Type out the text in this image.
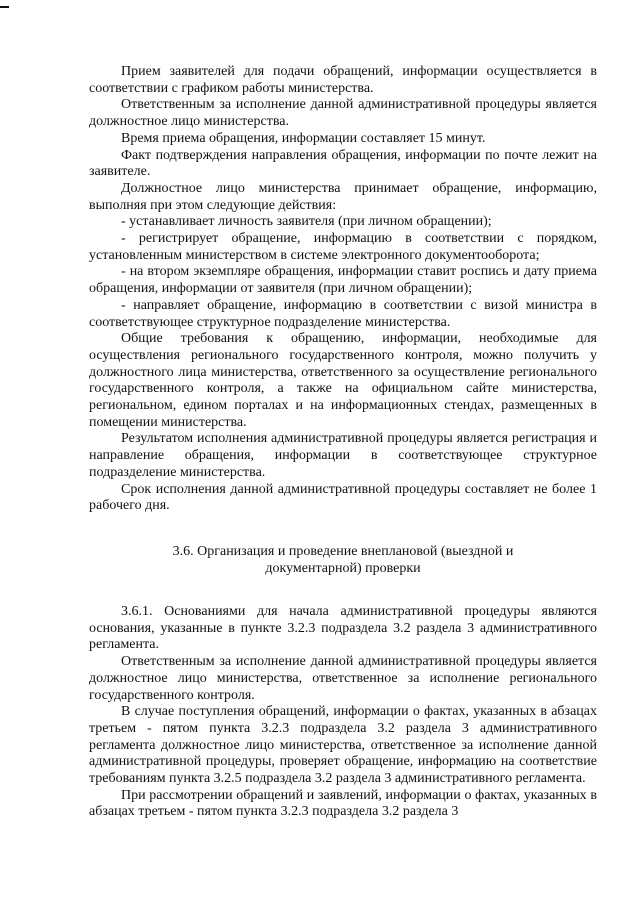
Прием заявителей для подачи обращений, информации осуществляется в соответствии с графиком работы министерства.

Ответственным за исполнение данной административной процедуры является должностное лицо министерства.

Время приема обращения, информации составляет 15 минут.

Факт подтверждения направления обращения, информации по почте лежит на заявителе.

Должностное лицо министерства принимает обращение, информацию, выполняя при этом следующие действия:

- устанавливает личность заявителя (при личном обращении);

- регистрирует обращение, информацию в соответствии с порядком, установленным министерством в системе электронного документооборота;

- на втором экземпляре обращения, информации ставит роспись и дату приема обращения, информации от заявителя (при личном обращении);

- направляет обращение, информацию в соответствии с визой министра в соответствующее структурное подразделение министерства.

Общие требования к обращению, информации, необходимые для осуществления регионального государственного контроля, можно получить у должностного лица министерства, ответственного за осуществление регионального государственного контроля, а также на официальном сайте министерства, региональном, едином порталах и на информационных стендах, размещенных в помещении министерства.

Результатом исполнения административной процедуры является регистрация и направление обращения, информации в соответствующее структурное подразделение министерства.

Срок исполнения данной административной процедуры составляет не более 1 рабочего дня.

3.6. Организация и проведение внеплановой (выездной и документарной) проверки

3.6.1. Основаниями для начала административной процедуры являются основания, указанные в пункте 3.2.3 подраздела 3.2 раздела 3 административного регламента.

Ответственным за исполнение данной административной процедуры является должностное лицо министерства, ответственное за исполнение регионального государственного контроля.

В случае поступления обращений, информации о фактах, указанных в абзацах третьем - пятом пункта 3.2.3 подраздела 3.2 раздела 3 административного регламента должностное лицо министерства, ответственное за исполнение данной административной процедуры, проверяет обращение, информацию на соответствие требованиям пункта 3.2.5 подраздела 3.2 раздела 3 административного регламента.

При рассмотрении обращений и заявлений, информации о фактах, указанных в абзацах третьем - пятом пункта 3.2.3 подраздела 3.2 раздела 3
